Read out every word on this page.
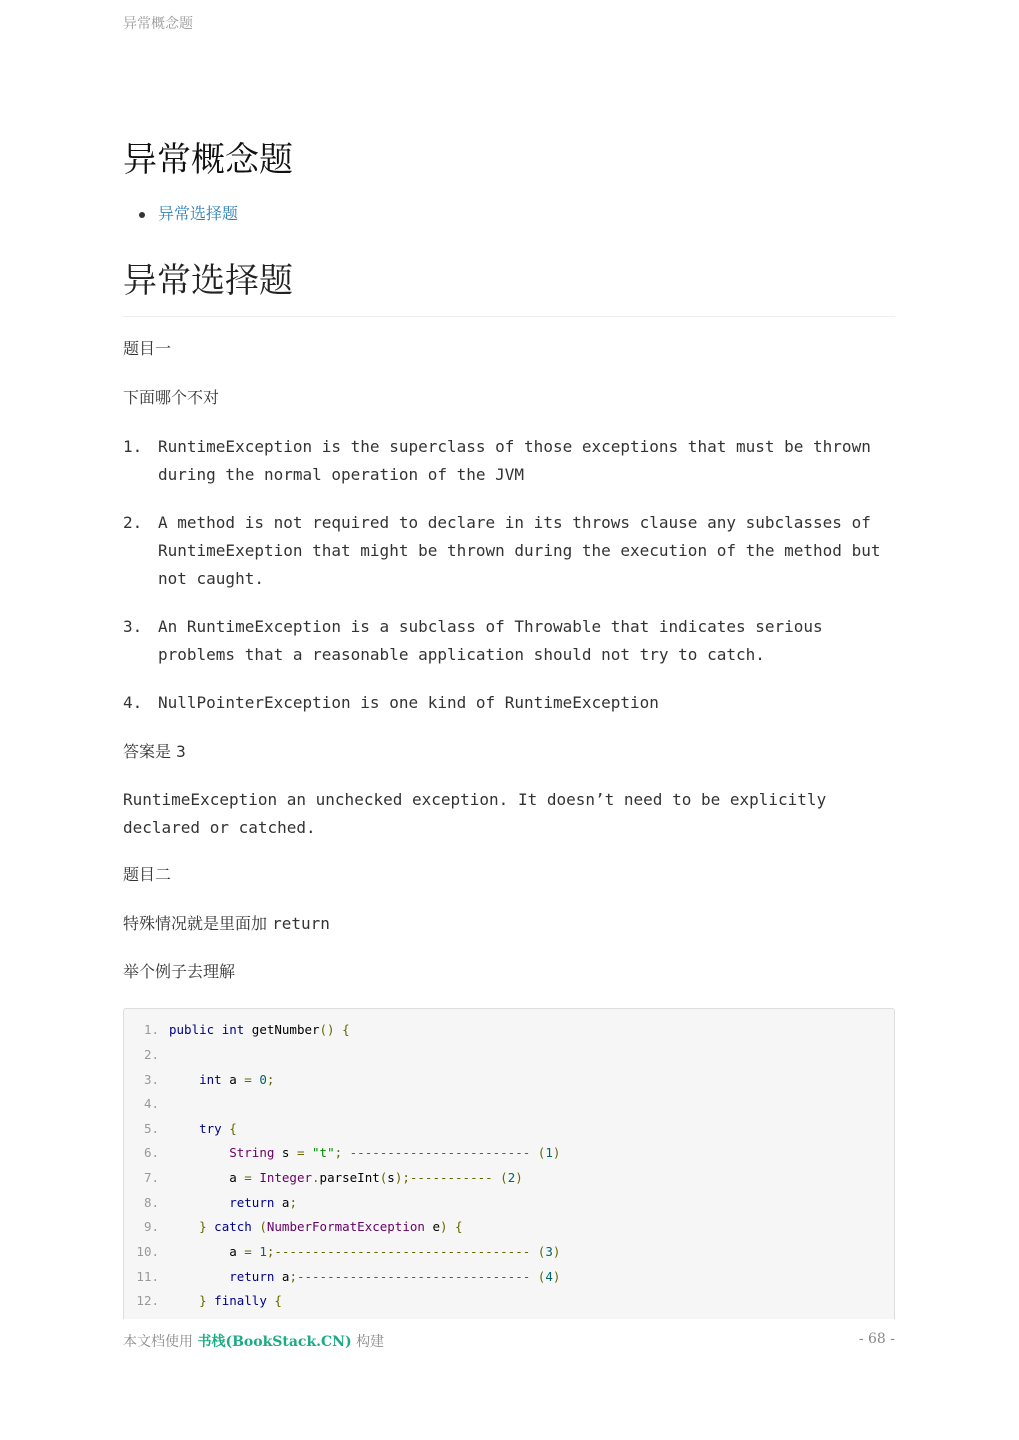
异常概念题
异常概念题
异常选择题
异常选择题

题目一

下面哪个不对

1. RuntimeException is the superclass of those exceptions that must be thrown during the normal operation of the JVM
2. A method is not required to declare in its throws clause any subclasses of RuntimeExeption that might be thrown during the execution of the method but not caught.
3. An RuntimeException is a subclass of Throwable that indicates serious problems that a reasonable application should not try to catch.
4. NullPointerException is one kind of RuntimeException

答案是 3

RuntimeException an unchecked exception. It doesn’t need to be explicitly declared or catched.

题目二

特殊情况就是里面加 return

举个例子去理解

1. public int getNumber() {
2.
3.	int a = 0;
4.
5.	try {
6.	String s = "t"; ------------------------ (1)
7. a = Integer.parseInt(s);----------- (2)
8.	return a;
9.	} catch (NumberFormatException e) {
10. a = 1;---------------------------------- (3)
11.	return a;------------------------------- (4)
12.	} finally {
本文档使用 书栈(BookStack.CN) 构建	- 68 -
